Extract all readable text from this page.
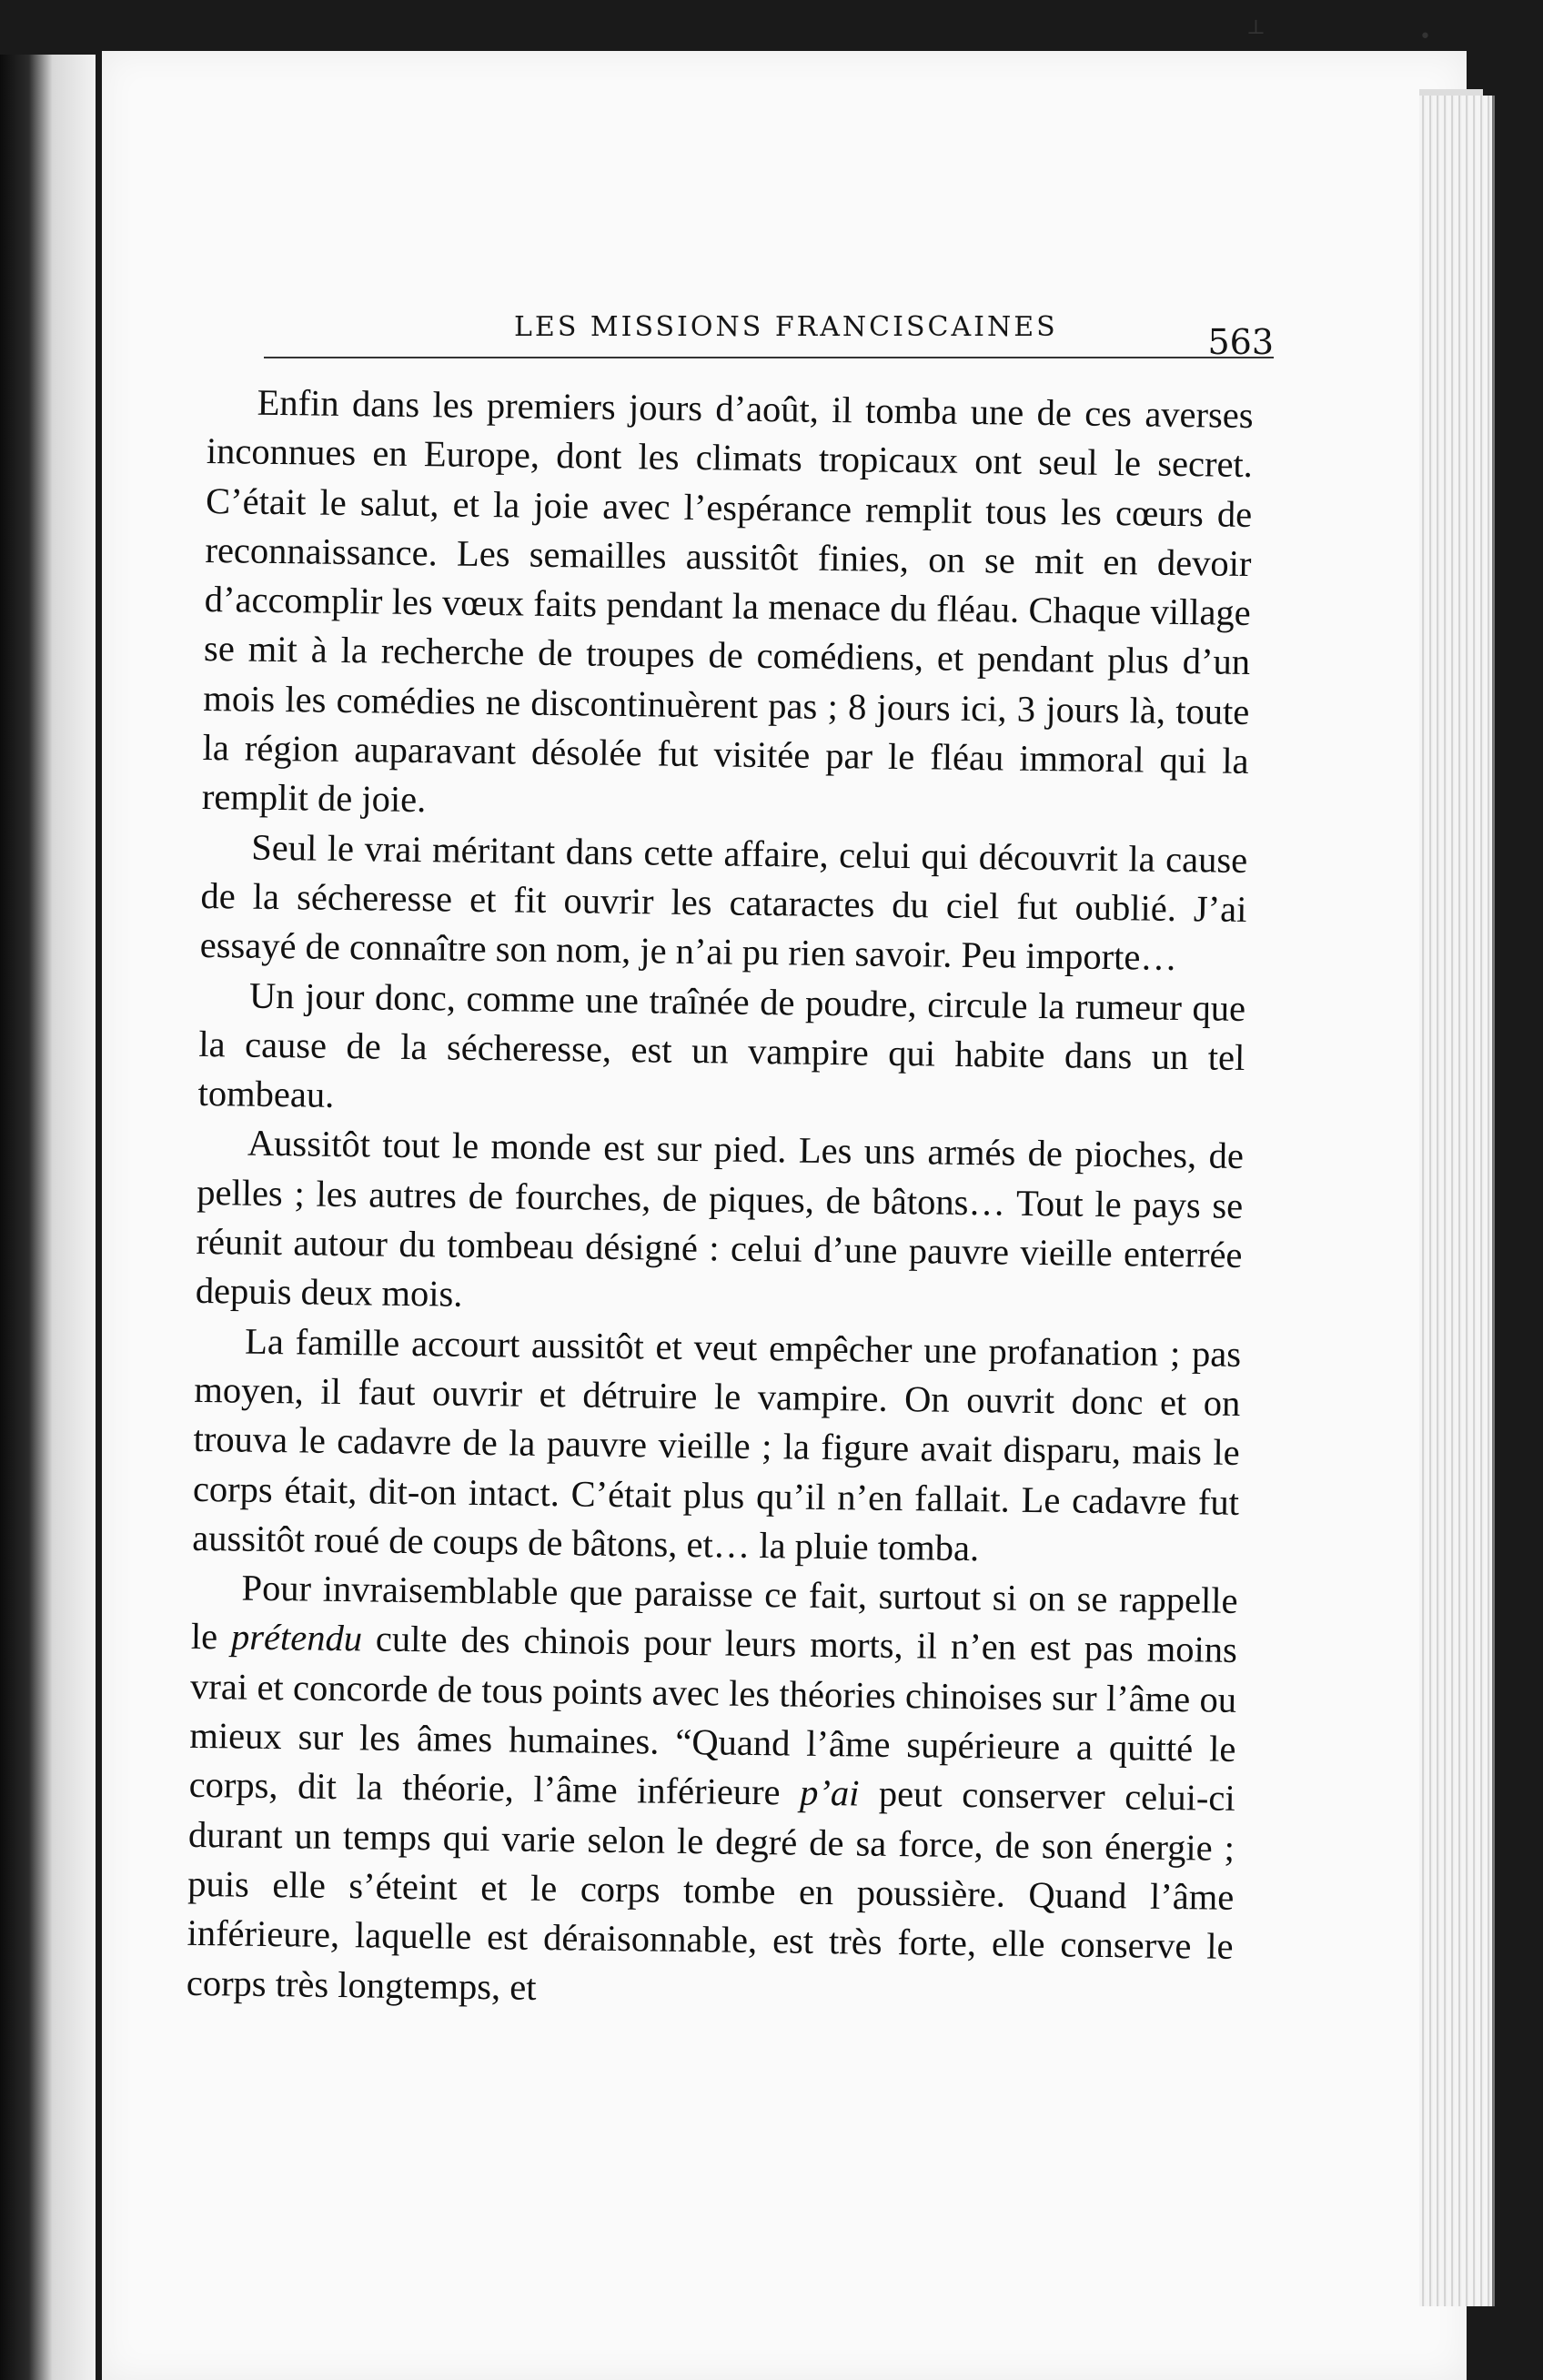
⊥	•
LES MISSIONS FRANCISCAINES	563

Enfin dans les premiers jours d’août, il tomba une de ces averses inconnues en Europe, dont les climats tropicaux ont seul le secret. C’était le salut, et la joie avec l’espérance remplit tous les cœurs de reconnaissance. Les semailles aussitôt finies, on se mit en devoir d’accomplir les vœux faits pendant la menace du fléau. Chaque village se mit à la recherche de troupes de comédiens, et pendant plus d’un mois les comédies ne discontinuèrent pas ; 8 jours ici, 3 jours là, toute la région auparavant désolée fut visitée par le fléau immoral qui la remplit de joie.

Seul le vrai méritant dans cette affaire, celui qui découvrit la cause de la sécheresse et fit ouvrir les cataractes du ciel fut oublié. J’ai essayé de connaître son nom, je n’ai pu rien savoir. Peu importe…

Un jour donc, comme une traînée de poudre, circule la rumeur que la cause de la sécheresse, est un vampire qui habite dans un tel tombeau.

Aussitôt tout le monde est sur pied. Les uns armés de pioches, de pelles ; les autres de fourches, de piques, de bâtons… Tout le pays se réunit autour du tombeau désigné : celui d’une pauvre vieille enterrée depuis deux mois.

La famille accourt aussitôt et veut empêcher une profanation ; pas moyen, il faut ouvrir et détruire le vampire. On ouvrit donc et on trouva le cadavre de la pauvre vieille ; la figure avait disparu, mais le corps était, dit-on intact. C’était plus qu’il n’en fallait. Le cadavre fut aussitôt roué de coups de bâtons, et… la pluie tomba.

Pour invraisemblable que paraisse ce fait, surtout si on se rappelle le prétendu culte des chinois pour leurs morts, il n’en est pas moins vrai et concorde de tous points avec les théories chinoises sur l’âme ou mieux sur les âmes humaines. “Quand l’âme supérieure a quitté le corps, dit la théorie, l’âme inférieure p’ai peut conserver celui-ci durant un temps qui varie selon le degré de sa force, de son énergie ; puis elle s’éteint et le corps tombe en poussière. Quand l’âme inférieure, laquelle est déraisonnable, est très forte, elle conserve le corps très longtemps, et
